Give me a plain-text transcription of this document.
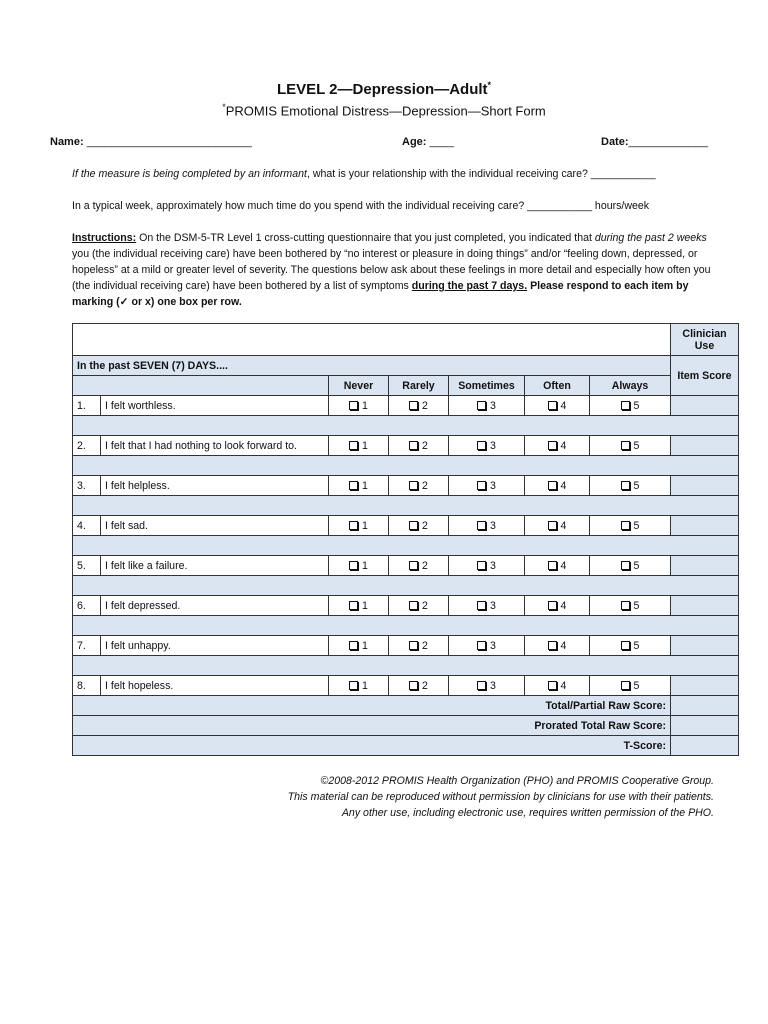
LEVEL 2—Depression—Adult*
*PROMIS Emotional Distress—Depression—Short Form
Name: ___________________________	Age: ____	Date:_____________
If the measure is being completed by an informant, what is your relationship with the individual receiving care? ___________
In a typical week, approximately how much time do you spend with the individual receiving care? ___________ hours/week
Instructions: On the DSM-5-TR Level 1 cross-cutting questionnaire that you just completed, you indicated that during the past 2 weeks you (the individual receiving care) have been bothered by “no interest or pleasure in doing things” and/or “feeling down, depressed, or hopeless” at a mild or greater level of severity. The questions below ask about these feelings in more detail and especially how often you (the individual receiving care) have been bothered by a list of symptoms during the past 7 days. Please respond to each item by marking (✓ or x) one box per row.
							Clinician Use
In the past SEVEN (7) DAYS....							Item Score
		Never	Rarely	Sometimes	Often	Always	
1.	I felt worthless.	1	2	3	4	5	

2.	I felt that I had nothing to look forward to.	1	2	3	4	5	

3.	I felt helpless.	1	2	3	4	5	

4.	I felt sad.	1	2	3	4	5	

5.	I felt like a failure.	1	2	3	4	5	

6.	I felt depressed.	1	2	3	4	5	

7.	I felt unhappy.	1	2	3	4	5	

8.	I felt hopeless.	1	2	3	4	5	
Total/Partial Raw Score:							
Prorated Total Raw Score:							
T-Score:							
©2008-2012 PROMIS Health Organization (PHO) and PROMIS Cooperative Group.
This material can be reproduced without permission by clinicians for use with their patients.
Any other use, including electronic use, requires written permission of the PHO.
